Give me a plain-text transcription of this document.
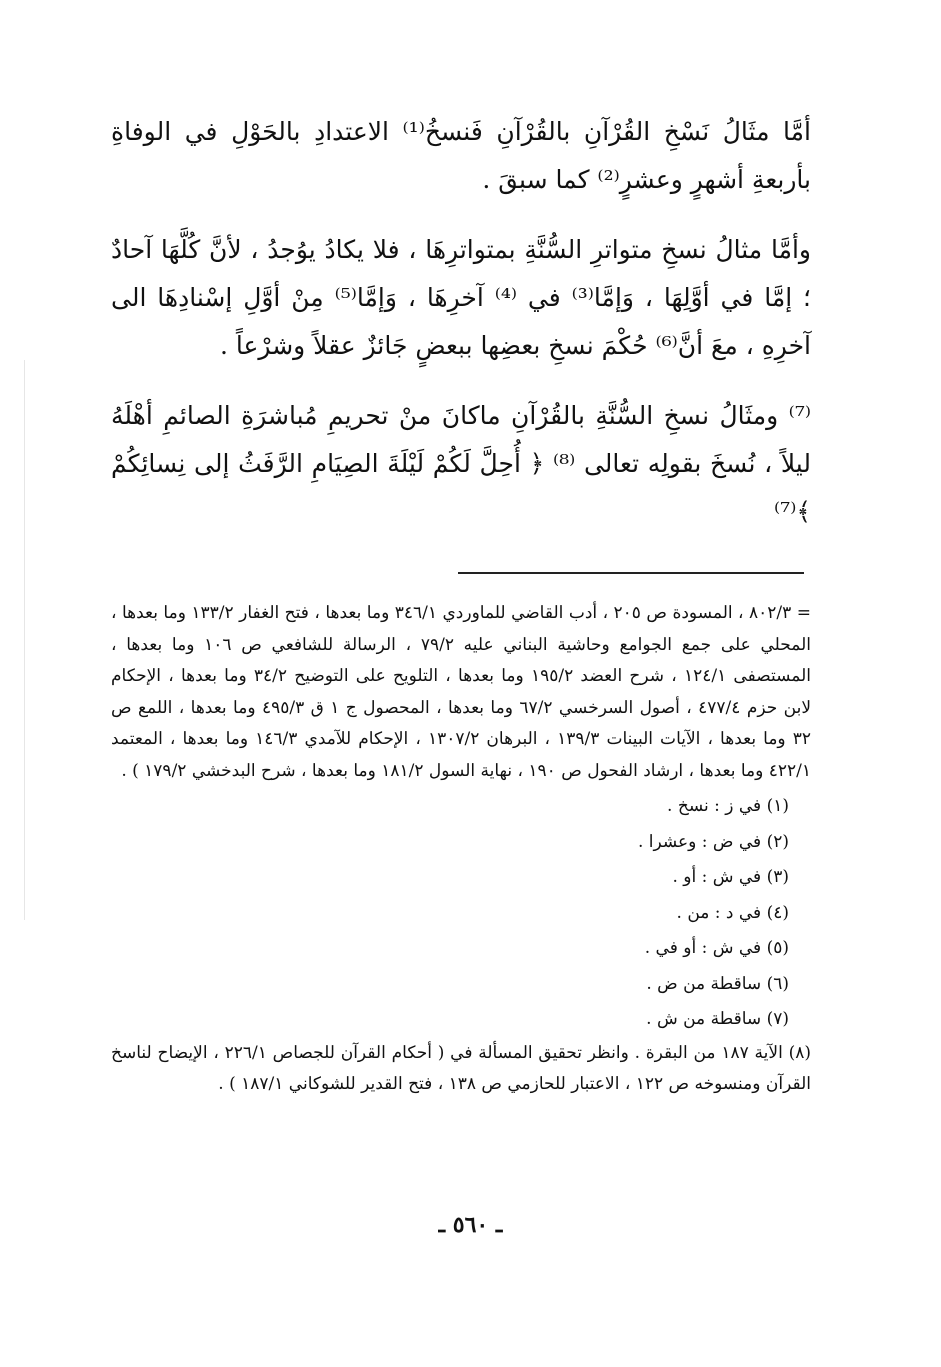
أمَّا مثَالُ نَسْخِ القُرْآنِ بالقُرْآنِ فَنسخُ⁽¹⁾ الاعتدادِ بالحَوْلِ في الوفاةِ بأربعةِ أشهرٍ وعشرٍ⁽²⁾ كما سبقَ .

وأمَّا مثالُ نسخِ متواترِ السُّنَّةِ بمتواترِهَا ، فلا يكادُ يوُجدُ ، لأنَّ كُلَّهَا آحادٌ ؛ إمَّا في أوَّلِهَا ، وَإمَّا⁽³⁾ في ⁽⁴⁾ آخرِهَا ، وَإمَّا⁽⁵⁾ مِنْ أوَّلِ إسْنادِهَا الى آخرِهِ ، معَ أنَّ⁽⁶⁾ حُكْمَ نسخِ بعضِها ببعضٍ جَائزٌ عقلاً وشرْعاً .

⁽⁷⁾ ومثَالُ نسخِ السُّنَّةِ بالقُرْآنِ ماكانَ منْ تحريمِ مُباشرَةِ الصائمِ أهْلَهُ ليلاً ، نُسخَ بقولِه تعالى ⁽⁸⁾ ﴿ أُحِلَّ لَكُمْ لَيْلَةَ الصِيَامِ الرَّفَثُ إلى نِسائِكُمْ ﴾⁽⁷⁾

= ٨٠٢/٣ ، المسودة ص ٢٠٥ ، أدب القاضي للماوردي ٣٤٦/١ وما بعدها ، فتح الغفار ١٣٣/٢ وما بعدها ، المحلي على جمع الجوامع وحاشية البناني عليه ٧٩/٢ ، الرسالة للشافعي ص ١٠٦ وما بعدها ، المستصفى ١٢٤/١ ، شرح العضد ١٩٥/٢ وما بعدها ، التلويح على التوضيح ٣٤/٢ وما بعدها ، الإحكام لابن حزم ٤٧٧/٤ ، أصول السرخسي ٦٧/٢ وما بعدها ، المحصول ج ١ ق ٤٩٥/٣ وما بعدها ، اللمع ص ٣٢ وما بعدها ، الآيات البينات ١٣٩/٣ ، البرهان ١٣٠٧/٢ ، الإحكام للآمدي ١٤٦/٣ وما بعدها ، المعتمد ٤٢٢/١ وما بعدها ، ارشاد الفحول ص ١٩٠ ، نهاية السول ١٨١/٢ وما بعدها ، شرح البدخشي ١٧٩/٢ ) .

(١) في ز : نسخ .
(٢) في ض : وعشرا .
(٣) في ش : أو .
(٤) في د : من .
(٥) في ش : أو في .
(٦) ساقطة من ض .
(٧) ساقطة من ش .

(٨) الآية ١٨٧ من البقرة . وانظر تحقيق المسألة في ( أحكام القرآن للجصاص ٢٢٦/١ ، الإيضاح لناسخ القرآن ومنسوخه ص ١٢٢ ، الاعتبار للحازمي ص ١٣٨ ، فتح القدير للشوكاني ١٨٧/١ ) .

ـ ٥٦٠ ـ
